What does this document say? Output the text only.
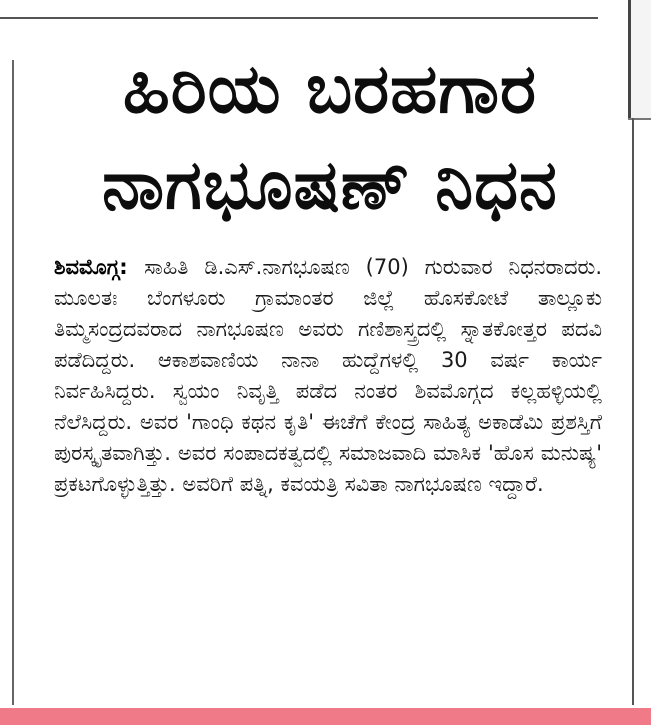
ಹಿರಿಯ ಬರಹಗಾರ
ನಾಗಭೂಷಣ್ ನಿಧನ
ಶಿವಮೊಗ್ಗ: ಸಾಹಿತಿ ಡಿ.ಎಸ್.ನಾಗಭೂಷಣ (70) ಗುರುವಾರ ನಿಧನರಾದರು. ಮೂಲತಃ ಬೆಂಗಳೂರು ಗ್ರಾಮಾಂತರ ಜಿಲ್ಲೆ ಹೊಸಕೋಟೆ ತಾಲ್ಲೂಕು ತಿಮ್ಮಸಂದ್ರದವರಾದ ನಾಗಭೂಷಣ ಅವರು ಗಣಿಶಾಸ್ತ್ರದಲ್ಲಿ ಸ್ನಾತಕೋತ್ತರ ಪದವಿ ಪಡೆದಿದ್ದರು. ಆಕಾಶವಾಣಿಯ ನಾನಾ ಹುದ್ದೆಗಳಲ್ಲಿ 30 ವರ್ಷ ಕಾರ್ಯ ನಿರ್ವಹಿಸಿದ್ದರು. ಸ್ವಯಂ ನಿವೃತ್ತಿ ಪಡೆದ ನಂತರ ಶಿವಮೊಗ್ಗದ ಕಲ್ಲಹಳ್ಳಿಯಲ್ಲಿ ನೆಲೆಸಿದ್ದರು. ಅವರ 'ಗಾಂಧಿ ಕಥನ ಕೃತಿ' ಈಚೆಗೆ ಕೇಂದ್ರ ಸಾಹಿತ್ಯ ಅಕಾಡೆಮಿ ಪ್ರಶಸ್ತಿಗೆ ಪುರಸ್ಕೃತವಾಗಿತ್ತು. ಅವರ ಸಂಪಾದಕತ್ವದಲ್ಲಿ ಸಮಾಜವಾದಿ ಮಾಸಿಕ 'ಹೊಸ ಮನುಷ್ಯ' ಪ್ರಕಟಗೊಳ್ಳುತ್ತಿತ್ತು. ಅವರಿಗೆ ಪತ್ನಿ, ಕವಯತ್ರಿ ಸವಿತಾ ನಾಗಭೂಷಣ ಇದ್ದಾರೆ.
